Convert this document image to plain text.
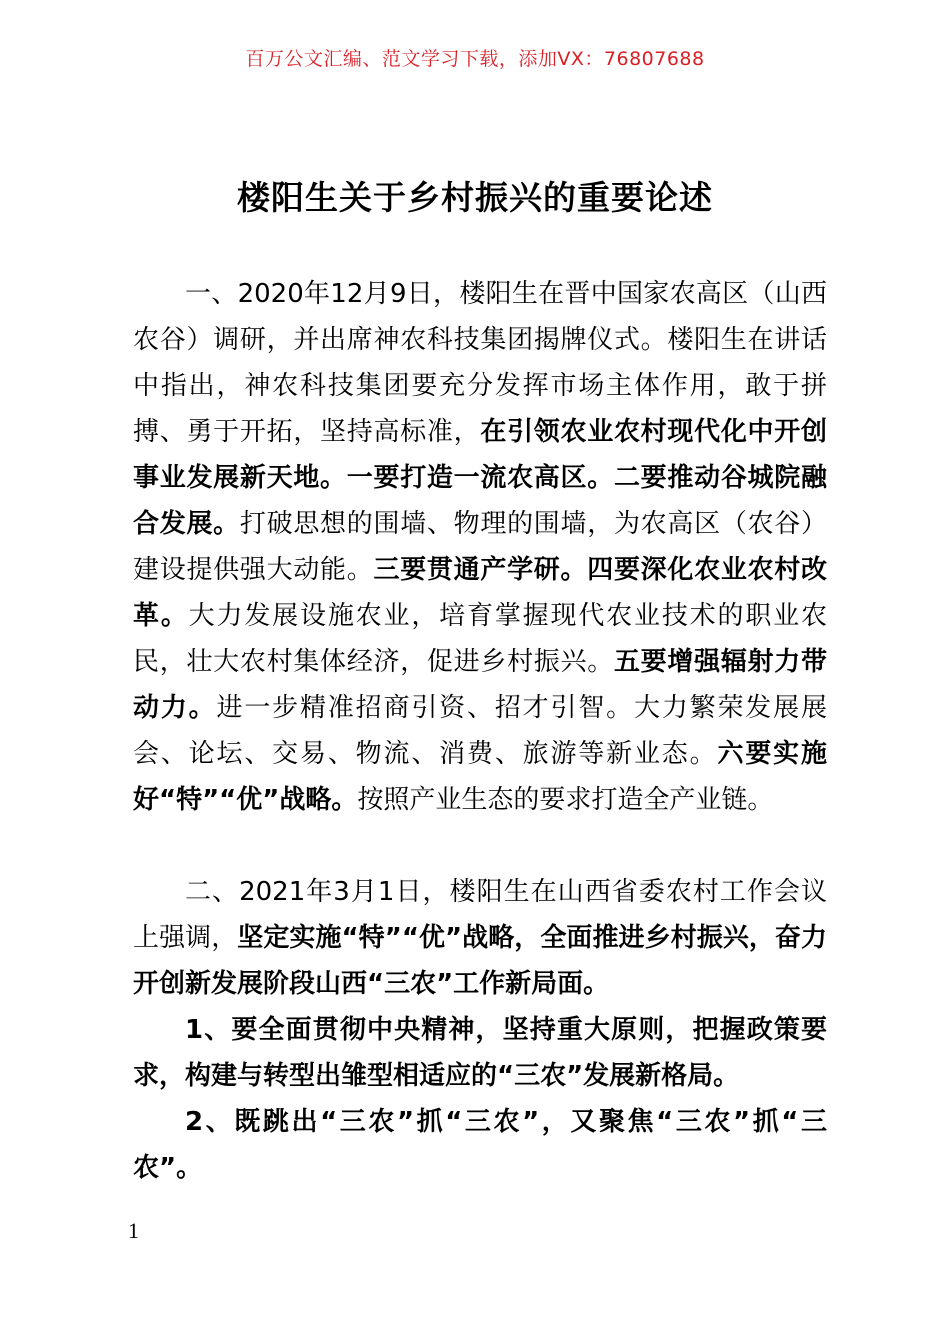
百万公文汇编、范文学习下载，添加VX：76807688
楼阳生关于乡村振兴的重要论述

一、2020年12月9日，楼阳生在晋中国家农高区（山西农谷）调研，并出席神农科技集团揭牌仪式。楼阳生在讲话中指出，神农科技集团要充分发挥市场主体作用，敢于拼搏、勇于开拓，坚持高标准，在引领农业农村现代化中开创事业发展新天地。一要打造一流农高区。二要推动谷城院融合发展。打破思想的围墙、物理的围墙，为农高区（农谷）建设提供强大动能。三要贯通产学研。四要深化农业农村改革。大力发展设施农业，培育掌握现代农业技术的职业农民，壮大农村集体经济，促进乡村振兴。五要增强辐射力带动力。进一步精准招商引资、招才引智。大力繁荣发展展会、论坛、交易、物流、消费、旅游等新业态。六要实施好“特”“优”战略。按照产业生态的要求打造全产业链。

二、2021年3月1日，楼阳生在山西省委农村工作会议上强调，坚定实施“特”“优”战略，全面推进乡村振兴，奋力开创新发展阶段山西“三农”工作新局面。

1、要全面贯彻中央精神，坚持重大原则，把握政策要求，构建与转型出雏型相适应的“三农”发展新格局。

2、既跳出“三农”抓“三农”，又聚焦“三农”抓“三农”。

1
